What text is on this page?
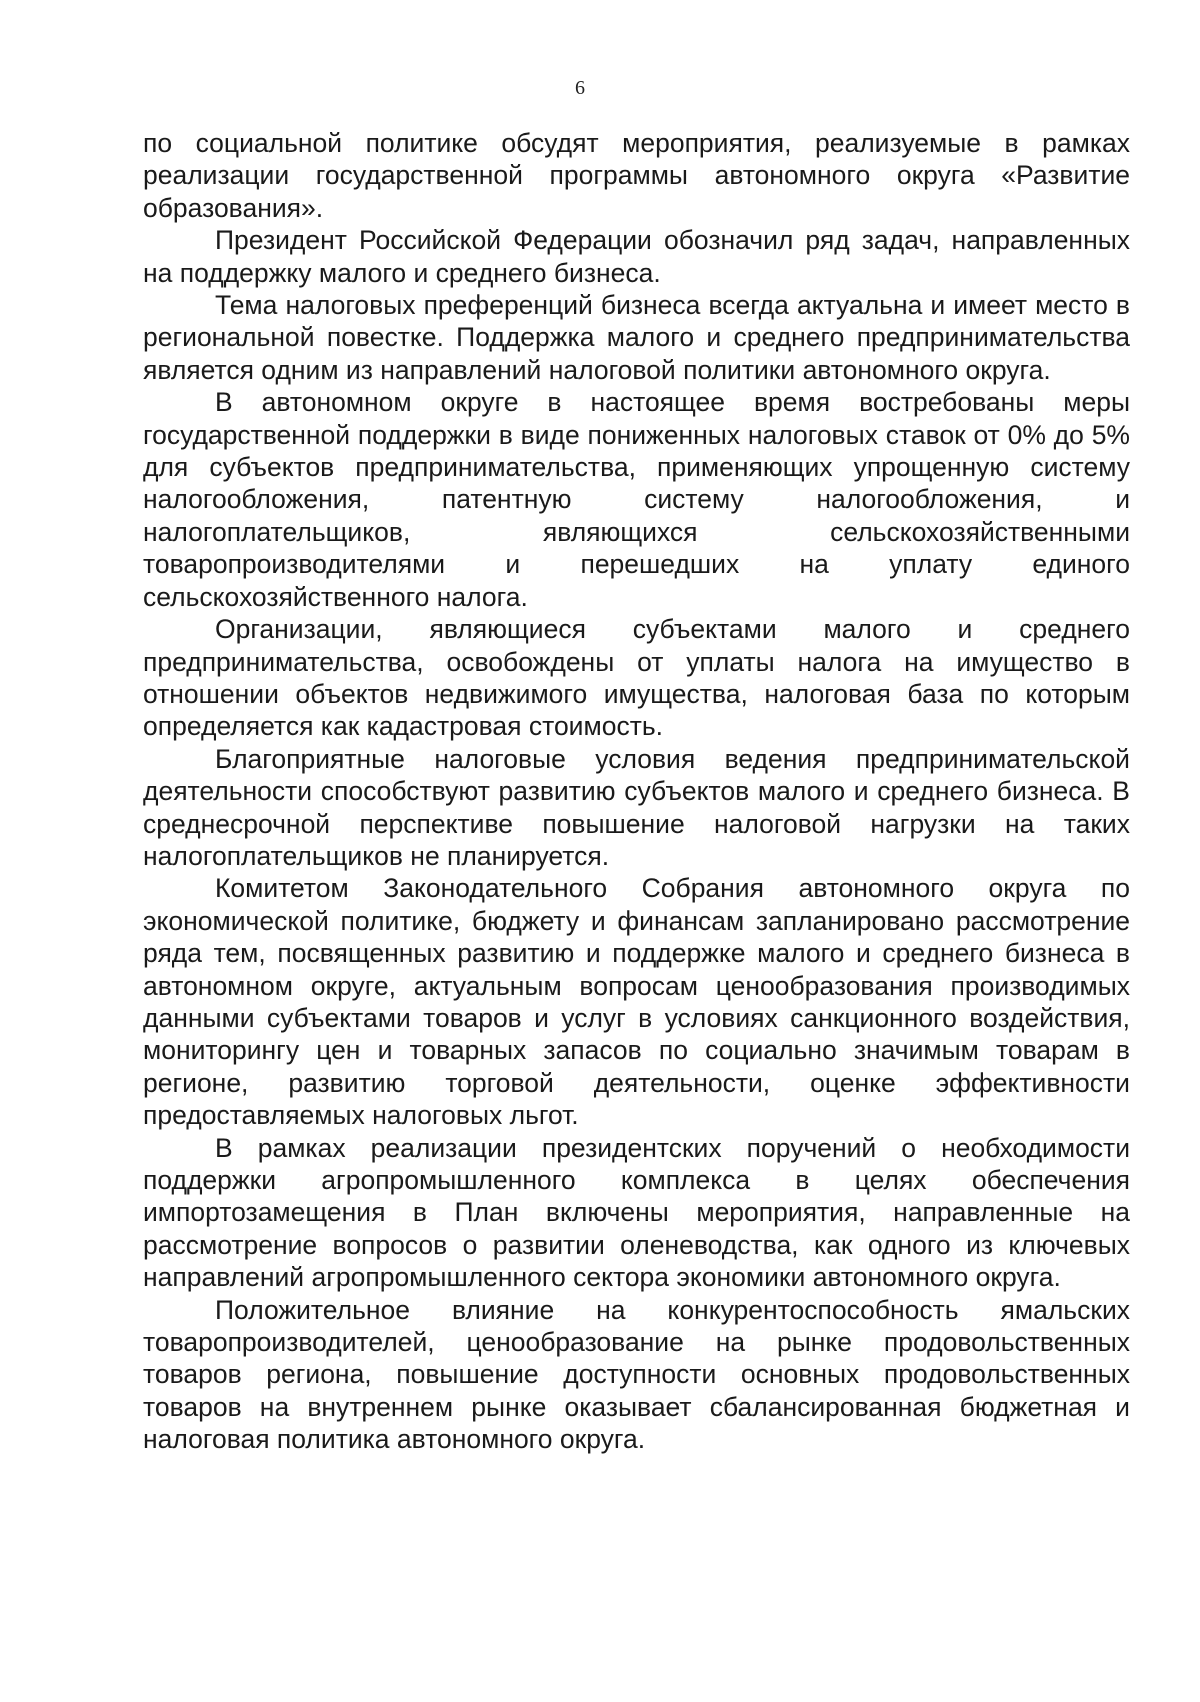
6

по социальной политике обсудят мероприятия, реализуемые в рамках реализации государственной программы автономного округа «Развитие образования».

Президент Российской Федерации обозначил ряд задач, направленных на поддержку малого и среднего бизнеса.

Тема налоговых преференций бизнеса всегда актуальна и имеет место в региональной повестке. Поддержка малого и среднего предпринимательства является одним из направлений налоговой политики автономного округа.

В автономном округе в настоящее время востребованы меры государственной поддержки в виде пониженных налоговых ставок от 0% до 5% для субъектов предпринимательства, применяющих упрощенную систему налогообложения, патентную систему налогообложения, и налогоплательщиков, являющихся сельскохозяйственными товаропроизводителями и перешедших на уплату единого сельскохозяйственного налога.

Организации, являющиеся субъектами малого и среднего предпринимательства, освобождены от уплаты налога на имущество в отношении объектов недвижимого имущества, налоговая база по которым определяется как кадастровая стоимость.

Благоприятные налоговые условия ведения предпринимательской деятельности способствуют развитию субъектов малого и среднего бизнеса. В среднесрочной перспективе повышение налоговой нагрузки на таких налогоплательщиков не планируется.

Комитетом Законодательного Собрания автономного округа по экономической политике, бюджету и финансам запланировано рассмотрение ряда тем, посвященных развитию и поддержке малого и среднего бизнеса в автономном округе, актуальным вопросам ценообразования производимых данными субъектами товаров и услуг в условиях санкционного воздействия, мониторингу цен и товарных запасов по социально значимым товарам в регионе, развитию торговой деятельности, оценке эффективности предоставляемых налоговых льгот.

В рамках реализации президентских поручений о необходимости поддержки агропромышленного комплекса в целях обеспечения импортозамещения в План включены мероприятия, направленные на рассмотрение вопросов о развитии оленеводства, как одного из ключевых направлений агропромышленного сектора экономики автономного округа.

Положительное влияние на конкурентоспособность ямальских товаропроизводителей, ценообразование на рынке продовольственных товаров региона, повышение доступности основных продовольственных товаров на внутреннем рынке оказывает сбалансированная бюджетная и налоговая политика автономного округа.
